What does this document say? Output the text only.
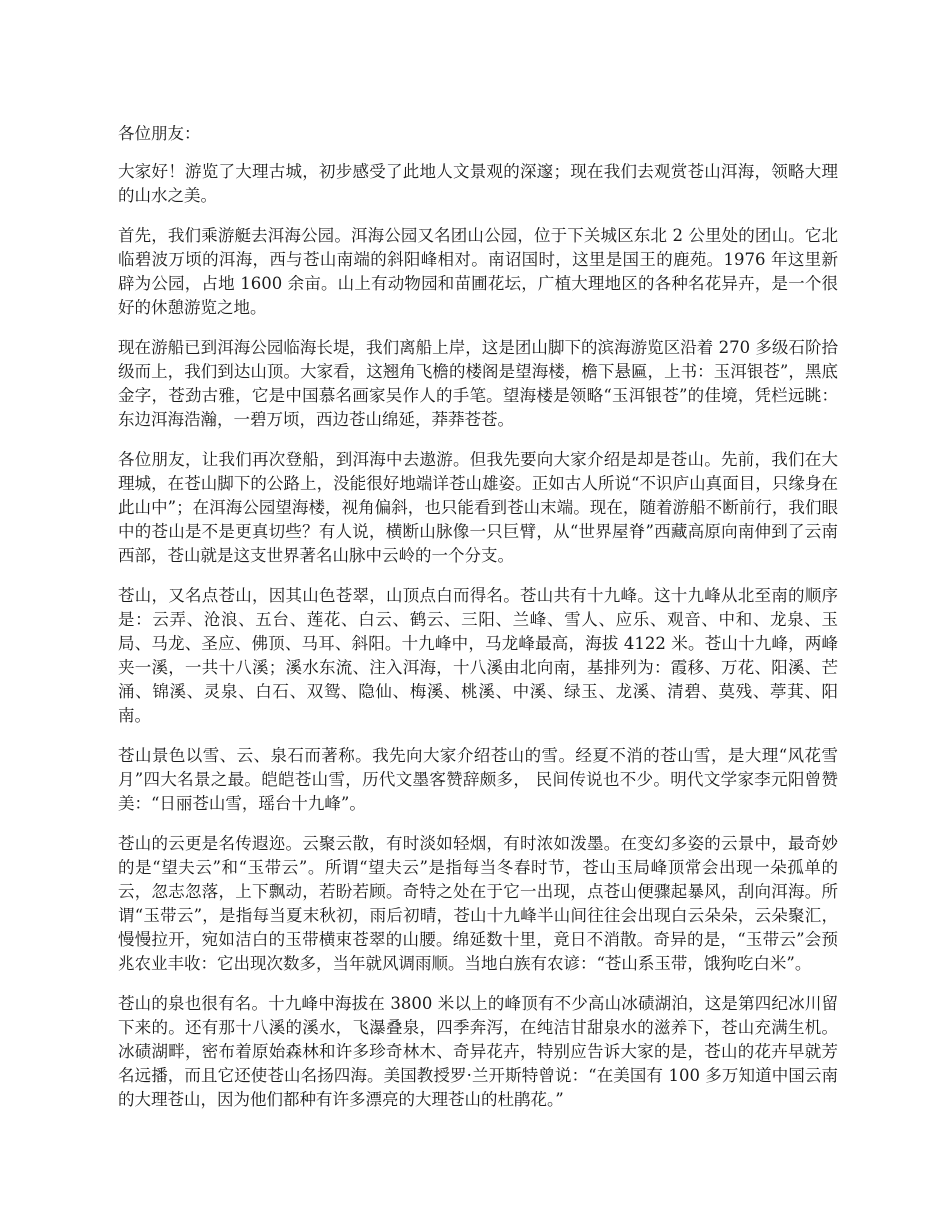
各位朋友：

大家好！游览了大理古城，初步感受了此地人文景观的深邃；现在我们去观赏苍山洱海，领略大理的山水之美。

首先，我们乘游艇去洱海公园。洱海公园又名团山公园，位于下关城区东北 2 公里处的团山。它北临碧波万顷的洱海，西与苍山南端的斜阳峰相对。南诏国时，这里是国王的鹿苑。1976 年这里新辟为公园，占地 1600 余亩。山上有动物园和苗圃花坛，广植大理地区的各种名花异卉，是一个很好的休憩游览之地。

现在游船已到洱海公园临海长堤，我们离船上岸，这是团山脚下的滨海游览区沿着 270 多级石阶拾级而上，我们到达山顶。大家看，这翘角飞檐的楼阁是望海楼，檐下悬匾，上书：玉洱银苍”，黑底金字，苍劲古雅，它是中国慕名画家吴作人的手笔。望海楼是领略“玉洱银苍”的佳境，凭栏远眺：东边洱海浩瀚，一碧万顷，西边苍山绵延，莽莽苍苍。

各位朋友，让我们再次登船，到洱海中去遨游。但我先要向大家介绍是却是苍山。先前，我们在大理城，在苍山脚下的公路上，没能很好地端详苍山雄姿。正如古人所说“不识庐山真面目，只缘身在此山中”；在洱海公园望海楼，视角偏斜，也只能看到苍山末端。现在，随着游船不断前行，我们眼中的苍山是不是更真切些？有人说，横断山脉像一只巨臂，从“世界屋脊”西藏高原向南伸到了云南西部，苍山就是这支世界著名山脉中云岭的一个分支。

苍山，又名点苍山，因其山色苍翠，山顶点白而得名。苍山共有十九峰。这十九峰从北至南的顺序是：云弄、沧浪、五台、莲花、白云、鹤云、三阳、兰峰、雪人、应乐、观音、中和、龙泉、玉局、马龙、圣应、佛顶、马耳、斜阳。十九峰中，马龙峰最高，海拔 4122 米。苍山十九峰，两峰夹一溪，一共十八溪；溪水东流、注入洱海，十八溪由北向南，基排列为：霞移、万花、阳溪、芒涌、锦溪、灵泉、白石、双鸳、隐仙、梅溪、桃溪、中溪、绿玉、龙溪、清碧、莫残、葶萁、阳南。

苍山景色以雪、云、泉石而著称。我先向大家介绍苍山的雪。经夏不消的苍山雪，是大理“风花雪月”四大名景之最。皑皑苍山雪，历代文墨客赞辞颇多， 民间传说也不少。明代文学家李元阳曾赞美：“日丽苍山雪，瑶台十九峰”。

苍山的云更是名传遐迩。云聚云散，有时淡如轻烟，有时浓如泼墨。在变幻多姿的云景中，最奇妙的是“望夫云”和“玉带云”。所谓“望夫云”是指每当冬春时节，苍山玉局峰顶常会出现一朵孤单的云，忽志忽落，上下飘动，若盼若顾。奇特之处在于它一出现，点苍山便骤起暴风，刮向洱海。所谓“玉带云”，是指每当夏末秋初，雨后初晴，苍山十九峰半山间往往会出现白云朵朵，云朵聚汇，慢慢拉开，宛如洁白的玉带横束苍翠的山腰。绵延数十里，竟日不消散。奇异的是，“玉带云”会预兆农业丰收：它出现次数多，当年就风调雨顺。当地白族有农谚：“苍山系玉带，饿狗吃白米”。

苍山的泉也很有名。十九峰中海拔在 3800 米以上的峰顶有不少高山冰碛湖泊，这是第四纪冰川留下来的。还有那十八溪的溪水，飞瀑叠泉，四季奔泻，在纯洁甘甜泉水的滋养下，苍山充满生机。冰碛湖畔，密布着原始森林和许多珍奇林木、奇异花卉，特别应告诉大家的是，苍山的花卉早就芳名远播，而且它还使苍山名扬四海。美国教授罗·兰开斯特曾说：“在美国有 100 多万知道中国云南的大理苍山，因为他们都种有许多漂亮的大理苍山的杜鹃花。”
